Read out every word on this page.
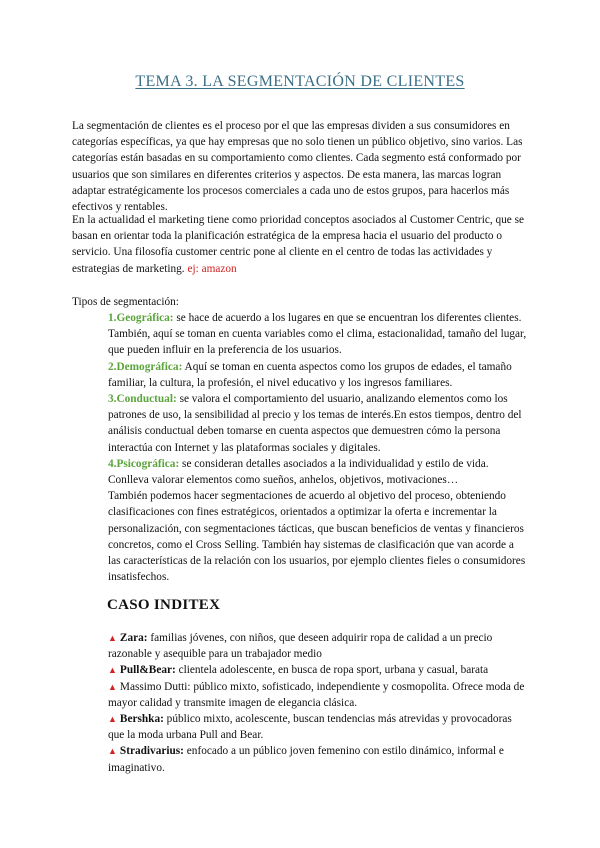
TEMA 3. LA SEGMENTACIÓN DE CLIENTES

La segmentación de clientes es el proceso por el que las empresas dividen a sus consumidores en categorías específicas, ya que hay empresas que no solo tienen un público objetivo, sino varios. Las categorías están basadas en su comportamiento como clientes. Cada segmento está conformado por usuarios que son similares en diferentes criterios y aspectos. De esta manera, las marcas logran adaptar estratégicamente los procesos comerciales a cada uno de estos grupos, para hacerlos más efectivos y rentables.

En la actualidad el marketing tiene como prioridad conceptos asociados al Customer Centric, que se basan en orientar toda la planificación estratégica de la empresa hacia el usuario del producto o servicio. Una filosofía customer centric pone al cliente en el centro de todas las actividades y estrategias de marketing. ej: amazon

Tipos de segmentación:

1.Geográfica: se hace de acuerdo a los lugares en que se encuentran los diferentes clientes. También, aquí se toman en cuenta variables como el clima, estacionalidad, tamaño del lugar, que pueden influir en la preferencia de los usuarios.

2.Demográfica: Aquí se toman en cuenta aspectos como los grupos de edades, el tamaño familiar, la cultura, la profesión, el nivel educativo y los ingresos familiares.

3.Conductual: se valora el comportamiento del usuario, analizando elementos como los patrones de uso, la sensibilidad al precio y los temas de interés.En estos tiempos, dentro del análisis conductual deben tomarse en cuenta aspectos que demuestren cómo la persona interactúa con Internet y las plataformas sociales y digitales.

4.Psicográfica: se consideran detalles asociados a la individualidad y estilo de vida. Conlleva valorar elementos como sueños, anhelos, objetivos, motivaciones…

También podemos hacer segmentaciones de acuerdo al objetivo del proceso, obteniendo clasificaciones con fines estratégicos, orientados a optimizar la oferta e incrementar la personalización, con segmentaciones tácticas, que buscan beneficios de ventas y financieros concretos, como el Cross Selling. También hay sistemas de clasificación que van acorde a las características de la relación con los usuarios, por ejemplo clientes fieles o consumidores insatisfechos.

CASO INDITEX

▲ Zara: familias jóvenes, con niños, que deseen adquirir ropa de calidad a un precio razonable y asequible para un trabajador medio

▲ Pull&Bear: clientela adolescente, en busca de ropa sport, urbana y casual, barata

▲ Massimo Dutti: público mixto, sofisticado, independiente y cosmopolita. Ofrece moda de mayor calidad y transmite imagen de elegancia clásica.

▲ Bershka: público mixto, acolescente, buscan tendencias más atrevidas y provocadoras que la moda urbana Pull and Bear.

▲ Stradivarius: enfocado a un público joven femenino con estilo dinámico, informal e imaginativo.
